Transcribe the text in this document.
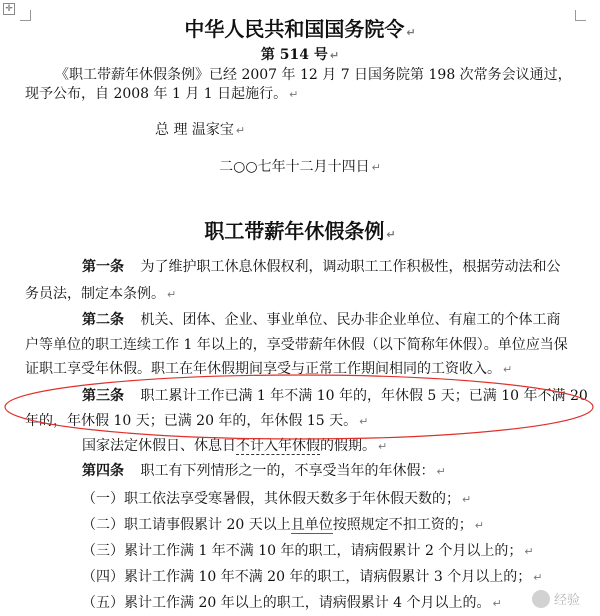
✛
中华人民共和国国务院令 ↵
第 514 号 ↵
《职工带薪年休假条例》已经 2007 年 12 月 7 日国务院第 198 次常务会议通过，
现予公布，自 2008 年 1 月 1 日起施行。 ↵
总 理 温家宝 ↵
二○○七年十二月十四日 ↵
职工带薪年休假条例 ↵
第一条 为了维护职工休息休假权利，调动职工工作积极性，根据劳动法和公
务员法，制定本条例。 ↵
第二条 机关、团体、企业、事业单位、民办非企业单位、有雇工的个体工商
户等单位的职工连续工作 1 年以上的，享受带薪年休假（以下简称年休假）。单位应当保
证职工享受年休假。职工在年休假期间享受与正常工作期间相同的工资收入。 ↵
第三条 职工累计工作已满 1 年不满 10 年的，年休假 5 天；已满 10 年不满 20
年的，年休假 10 天；已满 20 年的，年休假 15 天。 ↵
国家法定休假日、休息日不计入年休假的假期。 ↵
第四条 职工有下列情形之一的，不享受当年的年休假： ↵
（一）职工依法享受寒暑假，其休假天数多于年休假天数的； ↵
（二）职工请事假累计 20 天以上且单位按照规定不扣工资的； ↵
（三）累计工作满 1 年不满 10 年的职工，请病假累计 2 个月以上的； ↵
（四）累计工作满 10 年不满 20 年的职工，请病假累计 3 个月以上的； ↵
（五）累计工作满 20 年以上的职工，请病假累计 4 个月以上的。 ↵	经验
